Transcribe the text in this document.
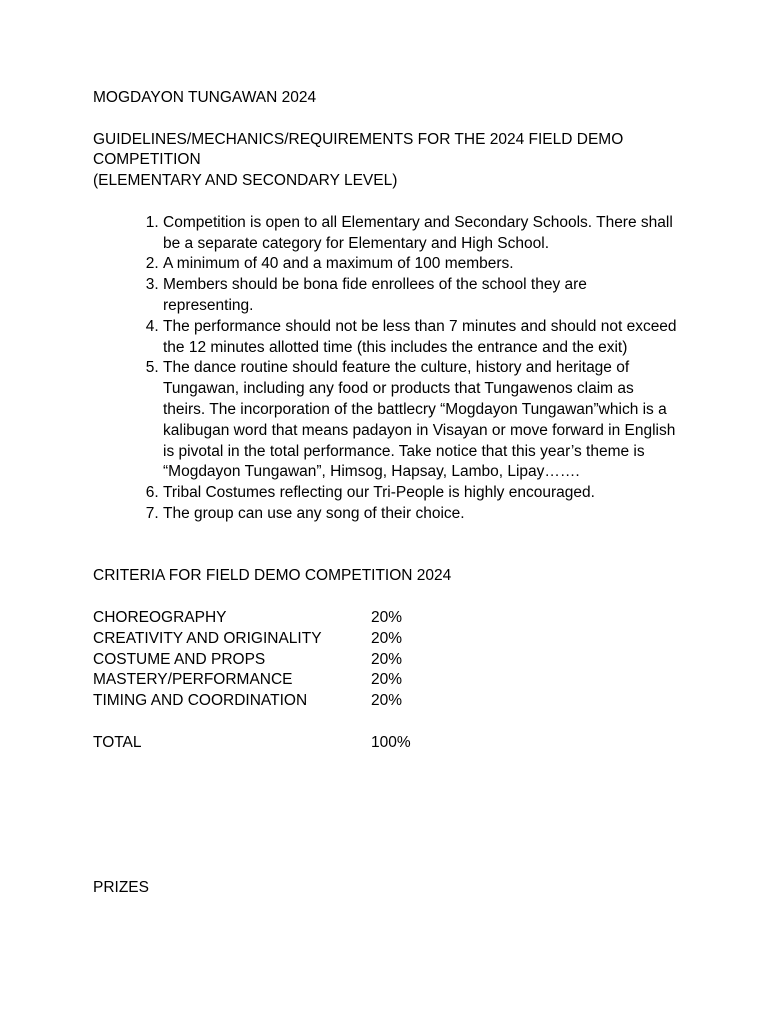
MOGDAYON TUNGAWAN 2024

GUIDELINES/MECHANICS/REQUIREMENTS FOR THE 2024 FIELD DEMO COMPETITION

(ELEMENTARY AND SECONDARY LEVEL)

1. Competition is open to all Elementary and Secondary Schools. There shall be a separate category for Elementary and High School.
2. A minimum of 40 and a maximum of 100 members.
3. Members should be bona fide enrollees of the school they are representing.
4. The performance should not be less than 7 minutes and should not exceed the 12 minutes allotted time (this includes the entrance and the exit)
5. The dance routine should feature the culture, history and heritage of Tungawan, including any food or products that Tungawenos claim as theirs. The incorporation of the battlecry “Mogdayon Tungawan”which is a kalibugan word that means padayon in Visayan or move forward in English is pivotal in the total performance. Take notice that this year’s theme is “Mogdayon Tungawan”, Himsog, Hapsay, Lambo, Lipay…….
6. Tribal Costumes reflecting our Tri-People is highly encouraged.
7. The group can use any song of their choice.

CRITERIA FOR FIELD DEMO COMPETITION 2024

CHOREOGRAPHY	20%
CREATIVITY AND ORIGINALITY	20%
COSTUME AND PROPS	20%
MASTERY/PERFORMANCE	20%
TIMING AND COORDINATION	20%
TOTAL	100%

PRIZES
